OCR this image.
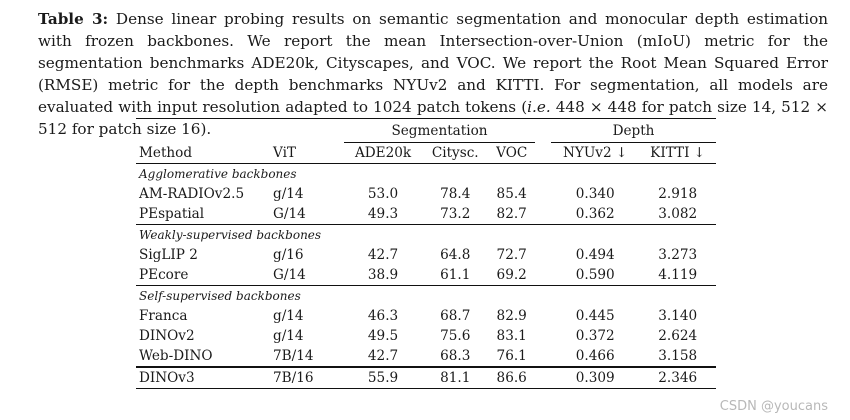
Table 3: Dense linear probing results on semantic segmentation and monocular depth estimation with frozen backbones. We report the mean Intersection-over-Union (mIoU) metric for the segmentation benchmarks ADE20k, Cityscapes, and VOC. We report the Root Mean Squared Error (RMSE) metric for the depth benchmarks NYUv2 and KITTI. For segmentation, all models are evaluated with input resolution adapted to 1024 patch tokens (i.e. 448 × 448 for patch size 14, 512 × 512 for patch size 16).
			Segmentation				Depth	
Method	ViT	ADE20k	Citysc.	VOC		NYUv2 ↓	KITTI ↓
Agglomerative backbones							
AM-RADIOv2.5	g/14	53.0	78.4	85.4		0.340	2.918
PEspatial	G/14	49.3	73.2	82.7		0.362	3.082
Weakly-supervised backbones							
SigLIP 2	g/16	42.7	64.8	72.7		0.494	3.273
PEcore	G/14	38.9	61.1	69.2		0.590	4.119
Self-supervised backbones							
Franca	g/14	46.3	68.7	82.9		0.445	3.140
DINOv2	g/14	49.5	75.6	83.1		0.372	2.624
Web-DINO	7B/14	42.7	68.3	76.1		0.466	3.158
DINOv3	7B/16	55.9	81.1	86.6		0.309	2.346
CSDN @youcans
